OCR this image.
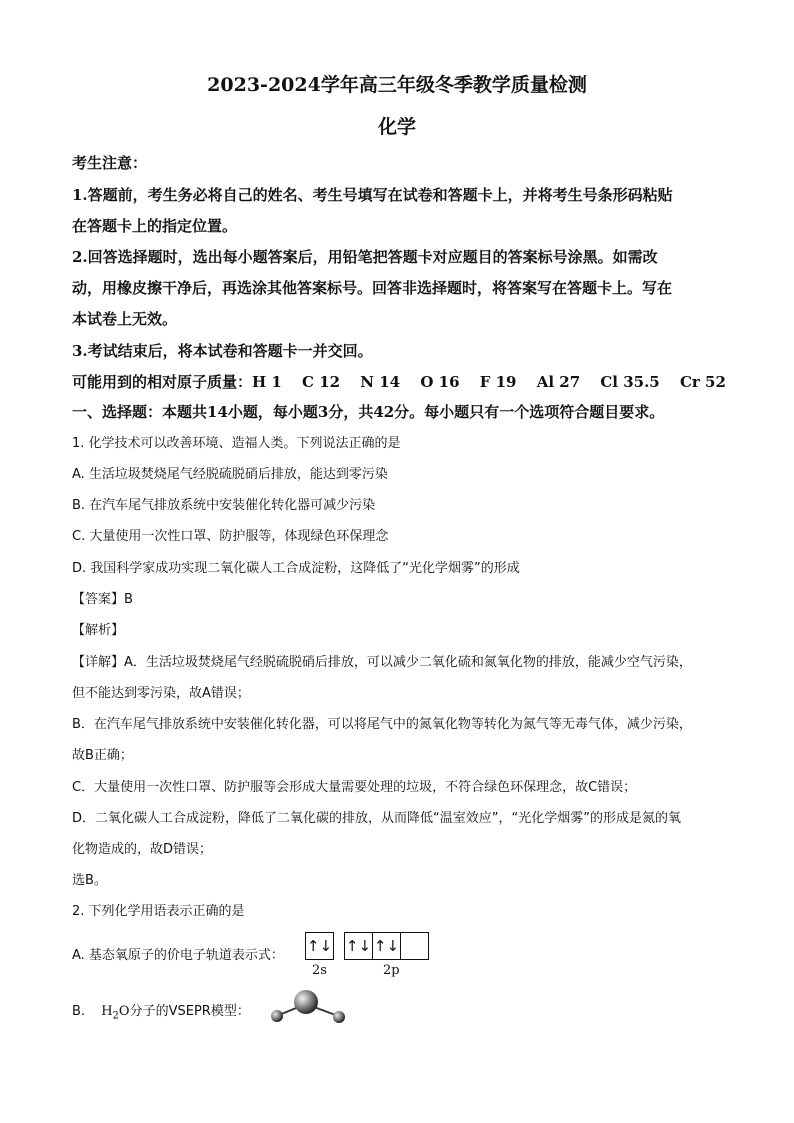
2023-2024学年高三年级冬季教学质量检测
化学
考生注意：
1.答题前，考生务必将自己的姓名、考生号填写在试卷和答题卡上，并将考生号条形码粘贴
在答题卡上的指定位置。
2.回答选择题时，选出每小题答案后，用铅笔把答题卡对应题目的答案标号涂黑。如需改
动，用橡皮擦干净后，再选涂其他答案标号。回答非选择题时，将答案写在答题卡上。写在
本试卷上无效。
3.考试结束后，将本试卷和答题卡一并交回。
可能用到的相对原子质量：H 1　 C 12　 N 14　 O 16　 F 19　 Al 27　 Cl 35.5　 Cr 52
一、选择题：本题共14小题，每小题3分，共42分。每小题只有一个选项符合题目要求。
1. 化学技术可以改善环境、造福人类。下列说法正确的是
A. 生活垃圾焚烧尾气经脱硫脱硝后排放，能达到零污染
B. 在汽车尾气排放系统中安装催化转化器可减少污染
C. 大量使用一次性口罩、防护服等，体现绿色环保理念
D. 我国科学家成功实现二氧化碳人工合成淀粉，这降低了“光化学烟雾”的形成
【答案】B
【解析】
【详解】A．生活垃圾焚烧尾气经脱硫脱硝后排放，可以减少二氧化硫和氮氧化物的排放，能减少空气污染，
但不能达到零污染，故A错误；
B．在汽车尾气排放系统中安装催化转化器，可以将尾气中的氮氧化物等转化为氮气等无毒气体，减少污染，
故B正确；
C．大量使用一次性口罩、防护服等会形成大量需要处理的垃圾，不符合绿色环保理念，故C错误；
D．二氧化碳人工合成淀粉，降低了二氧化碳的排放，从而降低“温室效应”，“光化学烟雾”的形成是氮的氧
化物造成的，故D错误；
选B。
2. 下列化学用语表示正确的是
A. 基态氧原子的价电子轨道表示式：
↑↓ ↑↓ ↑↓
2s	2p
B. $H_2O$分子的VSEPR模型：
